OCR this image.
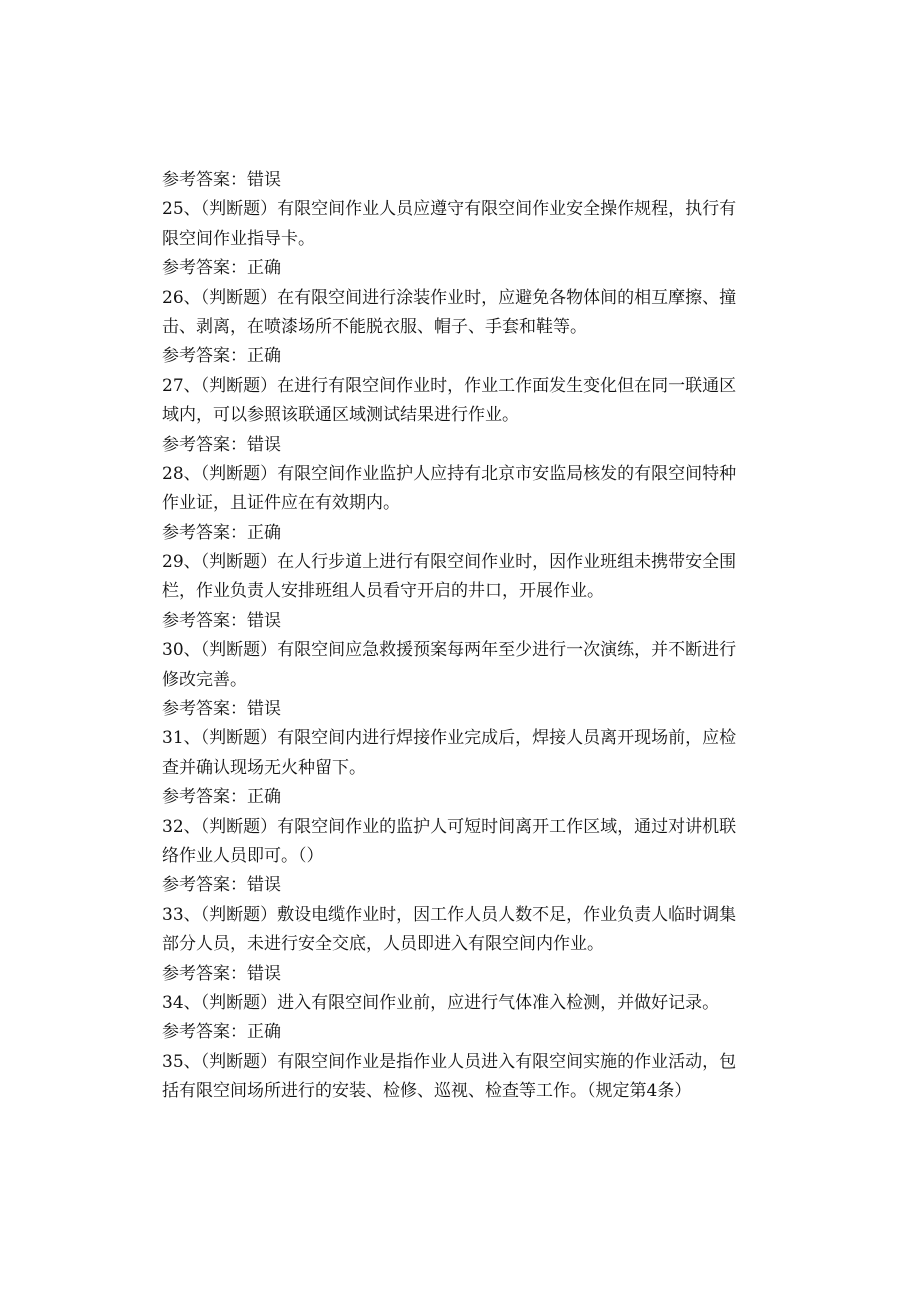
参考答案：错误
25、（判断题）有限空间作业人员应遵守有限空间作业安全操作规程，执行有
限空间作业指导卡。
参考答案：正确
26、（判断题）在有限空间进行涂装作业时，应避免各物体间的相互摩擦、撞
击、剥离，在喷漆场所不能脱衣服、帽子、手套和鞋等。
参考答案：正确
27、（判断题）在进行有限空间作业时，作业工作面发生变化但在同一联通区
域内，可以参照该联通区域测试结果进行作业。
参考答案：错误
28、（判断题）有限空间作业监护人应持有北京市安监局核发的有限空间特种
作业证，且证件应在有效期内。
参考答案：正确
29、（判断题）在人行步道上进行有限空间作业时，因作业班组未携带安全围
栏，作业负责人安排班组人员看守开启的井口，开展作业。
参考答案：错误
30、（判断题）有限空间应急救援预案每两年至少进行一次演练，并不断进行
修改完善。
参考答案：错误
31、（判断题）有限空间内进行焊接作业完成后，焊接人员离开现场前，应检
查并确认现场无火种留下。
参考答案：正确
32、（判断题）有限空间作业的监护人可短时间离开工作区域，通过对讲机联
络作业人员即可。（）
参考答案：错误
33、（判断题）敷设电缆作业时，因工作人员人数不足，作业负责人临时调集
部分人员，未进行安全交底，人员即进入有限空间内作业。
参考答案：错误
34、（判断题）进入有限空间作业前，应进行气体准入检测，并做好记录。
参考答案：正确
35、（判断题）有限空间作业是指作业人员进入有限空间实施的作业活动，包
括有限空间场所进行的安装、检修、巡视、检查等工作。（规定第4条）
